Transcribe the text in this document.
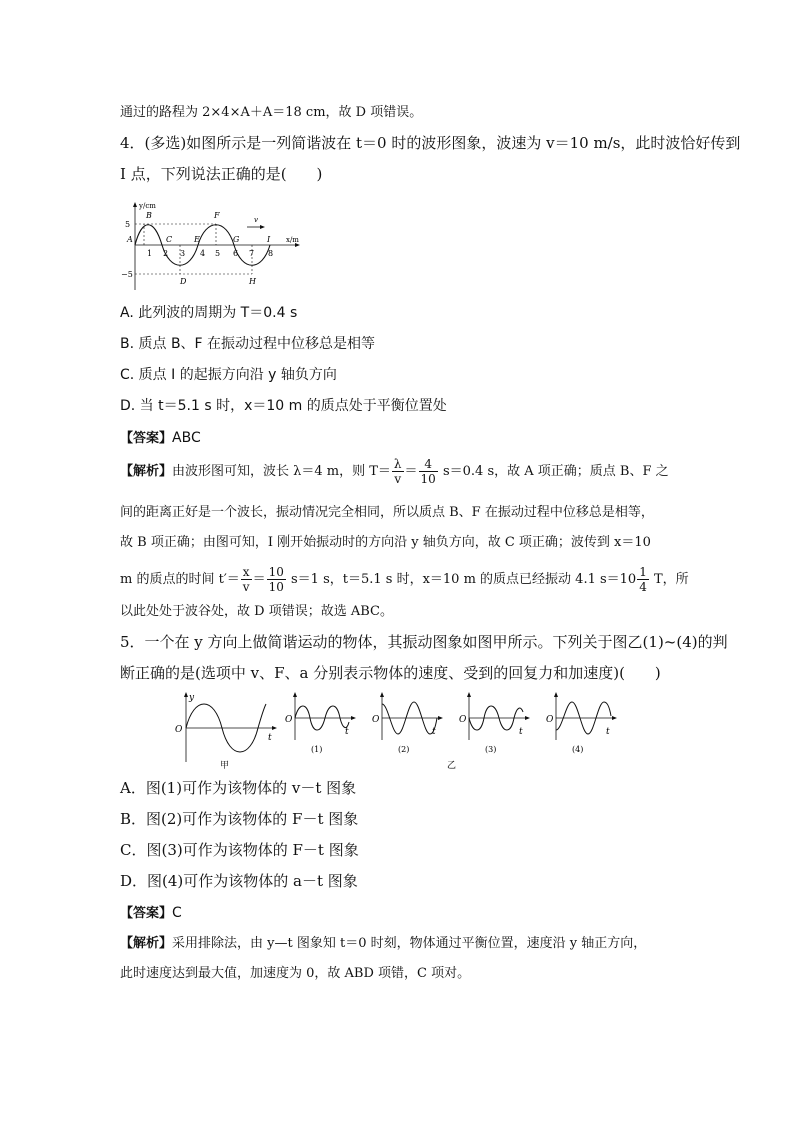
通过的路程为 2×4×A＋A＝18 cm，故 D 项错误。
4．(多选)如图所示是一列简谐波在 t＝0 时的波形图象，波速为 v＝10 m/s，此时波恰好传到
I 点，下列说法正确的是(　　)
y/cm
x/m
5
−5
1 2 3 4 5 6 7 8
A
B
C
D
E
F
G
H
I
v
A. 此列波的周期为 T＝0.4 s
B. 质点 B、F 在振动过程中位移总是相等
C. 质点 I 的起振方向沿 y 轴负方向
D. 当 t＝5.1 s 时，x＝10 m 的质点处于平衡位置处
【答案】ABC
【解析】由波形图可知，波长 λ＝4 m，则 $T= \frac{\lambda}{v} = \frac{4}{10} s=0.4$ s，故 A 项正确；质点 B、F 之
间的距离正好是一个波长，振动情况完全相同，所以质点 B、F 在振动过程中位移总是相等，
故 B 项正确；由图可知，I 刚开始振动时的方向沿 y 轴负方向，故 C 项正确；波传到 x＝10
m 的质点的时间 $t'= \frac{x}{v} = \frac{10}{10} s=1$ s，t＝5.1 s 时，x＝10 m 的质点已经振动 4.1 $s=10 \frac{1}{4}$ T，所
以此处处于波谷处，故 D 项错误；故选 ABC。
5．一个在 y 方向上做简谐运动的物体，其振动图象如图甲所示。下列关于图乙(1)~(4)的判
断正确的是(选项中 v、F、a 分别表示物体的速度、受到的回复力和加速度)(　　)
y
O
t
甲
O
t
(1)
O
t
(2)
O
t
(3)
O
t
(4)
乙
A．图(1)可作为该物体的 v－t 图象
B．图(2)可作为该物体的 F－t 图象
C．图(3)可作为该物体的 F－t 图象
D．图(4)可作为该物体的 a－t 图象
【答案】C
【解析】采用排除法，由 y—t 图象知 t＝0 时刻，物体通过平衡位置，速度沿 y 轴正方向，
此时速度达到最大值，加速度为 0，故 ABD 项错，C 项对。
